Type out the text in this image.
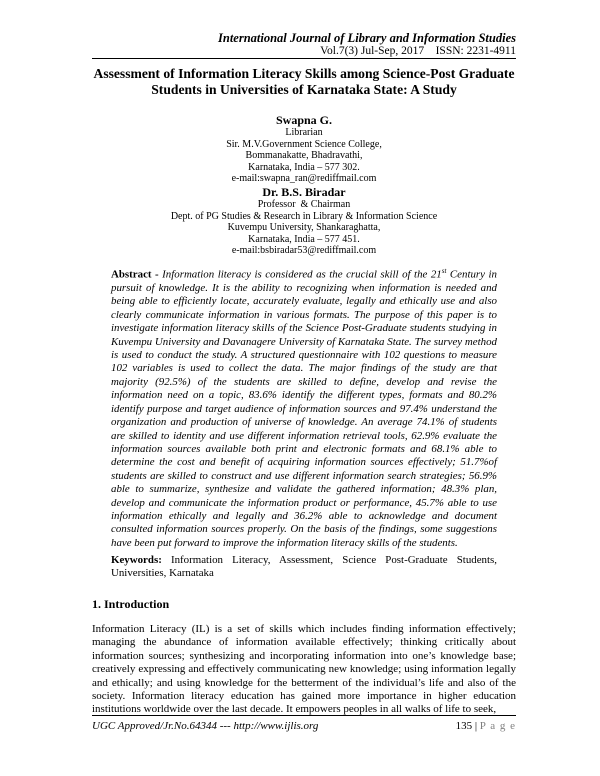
International Journal of Library and Information Studies
Vol.7(3) Jul-Sep, 2017    ISSN: 2231-4911
Assessment of Information Literacy Skills among Science-Post Graduate Students in Universities of Karnataka State: A Study
Swapna G.
Librarian
Sir. M.V.Government Science College,
Bommanakatte, Bhadravathi,
Karnataka, India – 577 302.
e-mail:swapna_ran@rediffmail.com
Dr. B.S. Biradar
Professor  & Chairman
Dept. of PG Studies & Research in Library & Information Science
Kuvempu University, Shankaraghatta,
Karnataka, India – 577 451.
e-mail:bsbiradar53@rediffmail.com
Abstract - Information literacy is considered as the crucial skill of the 21st Century in pursuit of knowledge. It is the ability to recognizing when information is needed and being able to efficiently locate, accurately evaluate, legally and ethically use and also clearly communicate information in various formats. The purpose of this paper is to investigate information literacy skills of the Science Post-Graduate students studying in Kuvempu University and Davanagere University of Karnataka State. The survey method is used to conduct the study. A structured questionnaire with 102 questions to measure 102 variables is used to collect the data. The major findings of the study are that majority (92.5%) of the students are skilled to define, develop and revise the information need on a topic, 83.6% identify the different types, formats and 80.2% identify purpose and target audience of information sources and 97.4% understand the organization and production of universe of knowledge. An average 74.1% of students are skilled to identity and use different information retrieval tools, 62.9% evaluate the information sources available both print and electronic formats and 68.1% able to determine the cost and benefit of acquiring information sources effectively; 51.7%of students are skilled to construct and use different information search strategies; 56.9% able to summarize, synthesize and validate the gathered information; 48.3% plan, develop and communicate the information product or performance, 45.7% able to use information ethically and legally and 36.2% able to acknowledge and document consulted information sources properly. On the basis of the findings, some suggestions have been put forward to improve the information literacy skills of the students.
Keywords: Information Literacy, Assessment, Science Post-Graduate Students, Universities, Karnataka
1. Introduction
Information Literacy (IL) is a set of skills which includes finding information effectively; managing the abundance of information available effectively; thinking critically about information sources; synthesizing and incorporating information into one’s knowledge base; creatively expressing and effectively communicating new knowledge; using information legally and ethically; and using knowledge for the betterment of the individual’s life and also of the society. Information literacy education has gained more importance in higher education institutions worldwide over the last decade. It empowers peoples in all walks of life to seek,
UGC Approved/Jr.No.64344 --- http://www.ijlis.org	135 | P a g e
